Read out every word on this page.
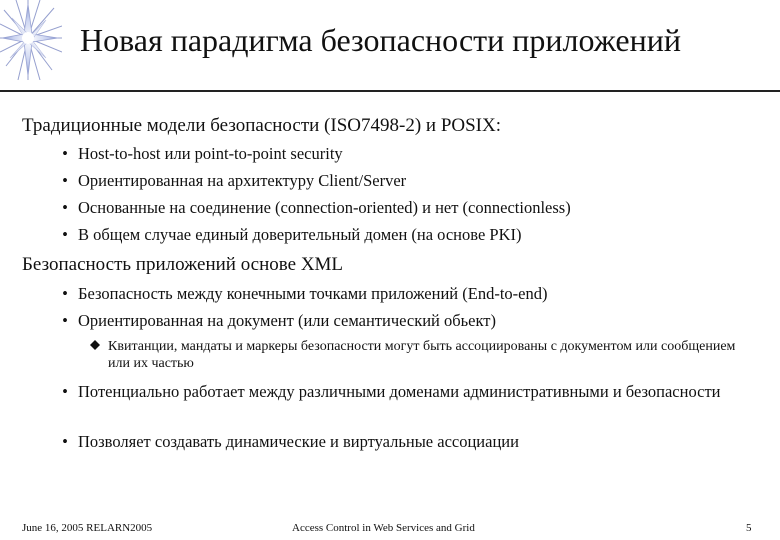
Новая парадигма безопасности приложений
Традиционные модели безопасности (ISO7498-2) и POSIX:
• Host-to-host или point-to-point security
• Ориентированная на архитектуру Client/Server
• Основанные на соединение (connection-oriented) и нет (connectionless)
• В общем случае единый доверительный домен (на основе PKI)
Безопасность приложений основе XML
• Безопасность между конечными точками приложений (End-to-end)
• Ориентированная на документ (или семантический обьект)
Квитанции, мандаты и маркеры безопасности могут быть ассоциированы с документом или сообщением или их частью
• Потенциально работает между различными доменами административными и безопасности
• Позволяет создавать динамические и виртуальные ассоциации
June 16, 2005 RELARN2005	Access Control in Web Services and Grid	5
